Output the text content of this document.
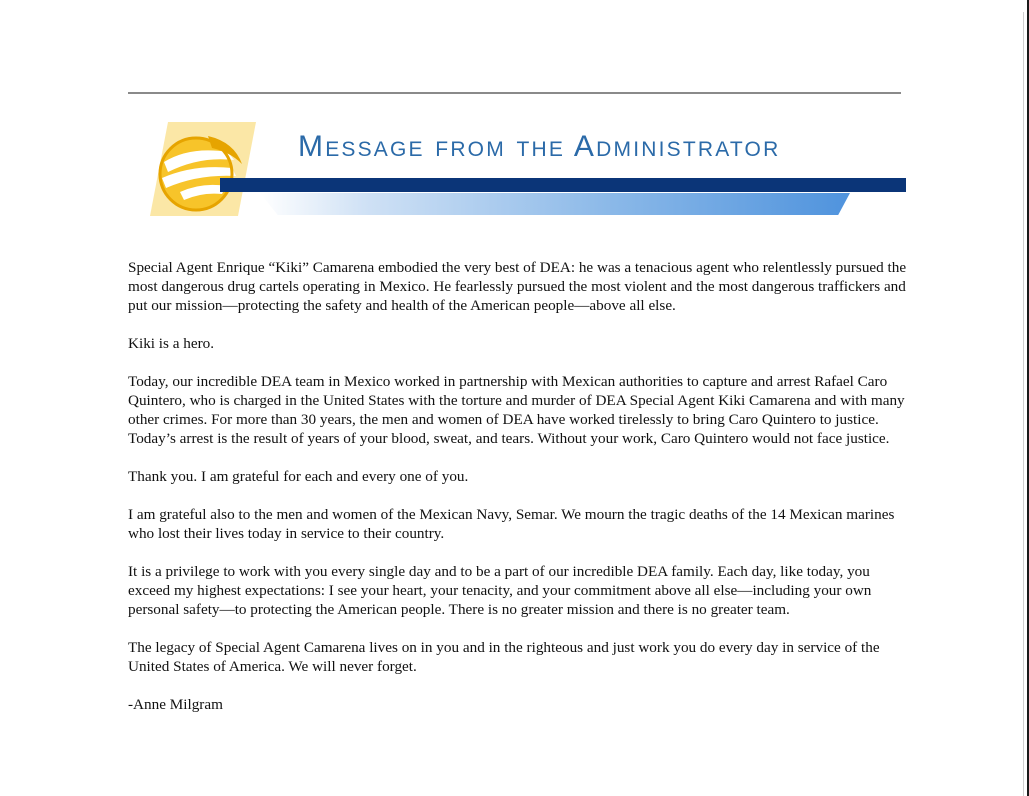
Message from the Administrator

Special Agent Enrique “Kiki” Camarena embodied the very best of DEA: he was a tenacious agent who relentlessly pursued the most dangerous drug cartels operating in Mexico. He fearlessly pursued the most violent and the most dangerous traffickers and put our mission—protecting the safety and health of the American people—above all else.

Kiki is a hero.

Today, our incredible DEA team in Mexico worked in partnership with Mexican authorities to capture and arrest Rafael Caro Quintero, who is charged in the United States with the torture and murder of DEA Special Agent Kiki Camarena and with many other crimes. For more than 30 years, the men and women of DEA have worked tirelessly to bring Caro Quintero to justice. Today’s arrest is the result of years of your blood, sweat, and tears. Without your work, Caro Quintero would not face justice.

Thank you. I am grateful for each and every one of you.

I am grateful also to the men and women of the Mexican Navy, Semar. We mourn the tragic deaths of the 14 Mexican marines who lost their lives today in service to their country.

It is a privilege to work with you every single day and to be a part of our incredible DEA family. Each day, like today, you exceed my highest expectations: I see your heart, your tenacity, and your commitment above all else—including your own personal safety—to protecting the American people. There is no greater mission and there is no greater team.

The legacy of Special Agent Camarena lives on in you and in the righteous and just work you do every day in service of the United States of America. We will never forget.

-Anne Milgram
